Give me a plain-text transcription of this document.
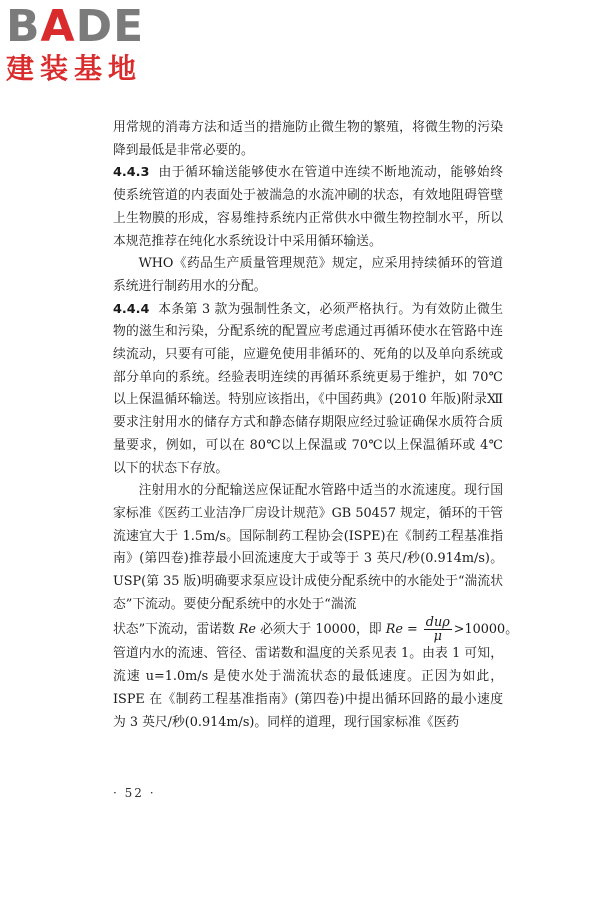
BADE
建装基地

用常规的消毒方法和适当的措施防止微生物的繁殖，将微生物的污染降到最低是非常必要的。

4.4.3 由于循环输送能够使水在管道中连续不断地流动，能够始终使系统管道的内表面处于被湍急的水流冲刷的状态，有效地阻碍管壁上生物膜的形成，容易维持系统内正常供水中微生物控制水平，所以本规范推荐在纯化水系统设计中采用循环输送。

WHO《药品生产质量管理规范》规定，应采用持续循环的管道系统进行制药用水的分配。

4.4.4 本条第 3 款为强制性条文，必须严格执行。为有效防止微生物的滋生和污染，分配系统的配置应考虑通过再循环使水在管路中连续流动，只要有可能，应避免使用非循环的、死角的以及单向系统或部分单向的系统。经验表明连续的再循环系统更易于维护，如 70℃以上保温循环输送。特别应该指出，《中国药典》(2010 年版)附录Ⅻ要求注射用水的储存方式和静态储存期限应经过验证确保水质符合质量要求，例如，可以在 80℃以上保温或 70℃以上保温循环或 4℃以下的状态下存放。

注射用水的分配输送应保证配水管路中适当的水流速度。现行国家标准《医药工业洁净厂房设计规范》GB 50457 规定，循环的干管流速宜大于 1.5m/s。国际制药工程协会(ISPE)在《制药工程基准指南》(第四卷)推荐最小回流速度大于或等于 3 英尺/秒(0.914m/s)。USP(第 35 版)明确要求泵应设计成使分配系统中的水能处于“湍流状态”下流动。要使分配系统中的水处于“湍流

状态”下流动，雷诺数 Re 必须大于 10000，即 $Re = \frac{\text{duρ}}{\mu} >10000$。

管道内水的流速、管径、雷诺数和温度的关系见表 1。由表 1 可知，流速 u=1.0m/s 是使水处于湍流状态的最低速度。正因为如此，ISPE 在《制药工程基准指南》(第四卷)中提出循环回路的最小速度为 3 英尺/秒(0.914m/s)。同样的道理，现行国家标准《医药

· 52 ·
